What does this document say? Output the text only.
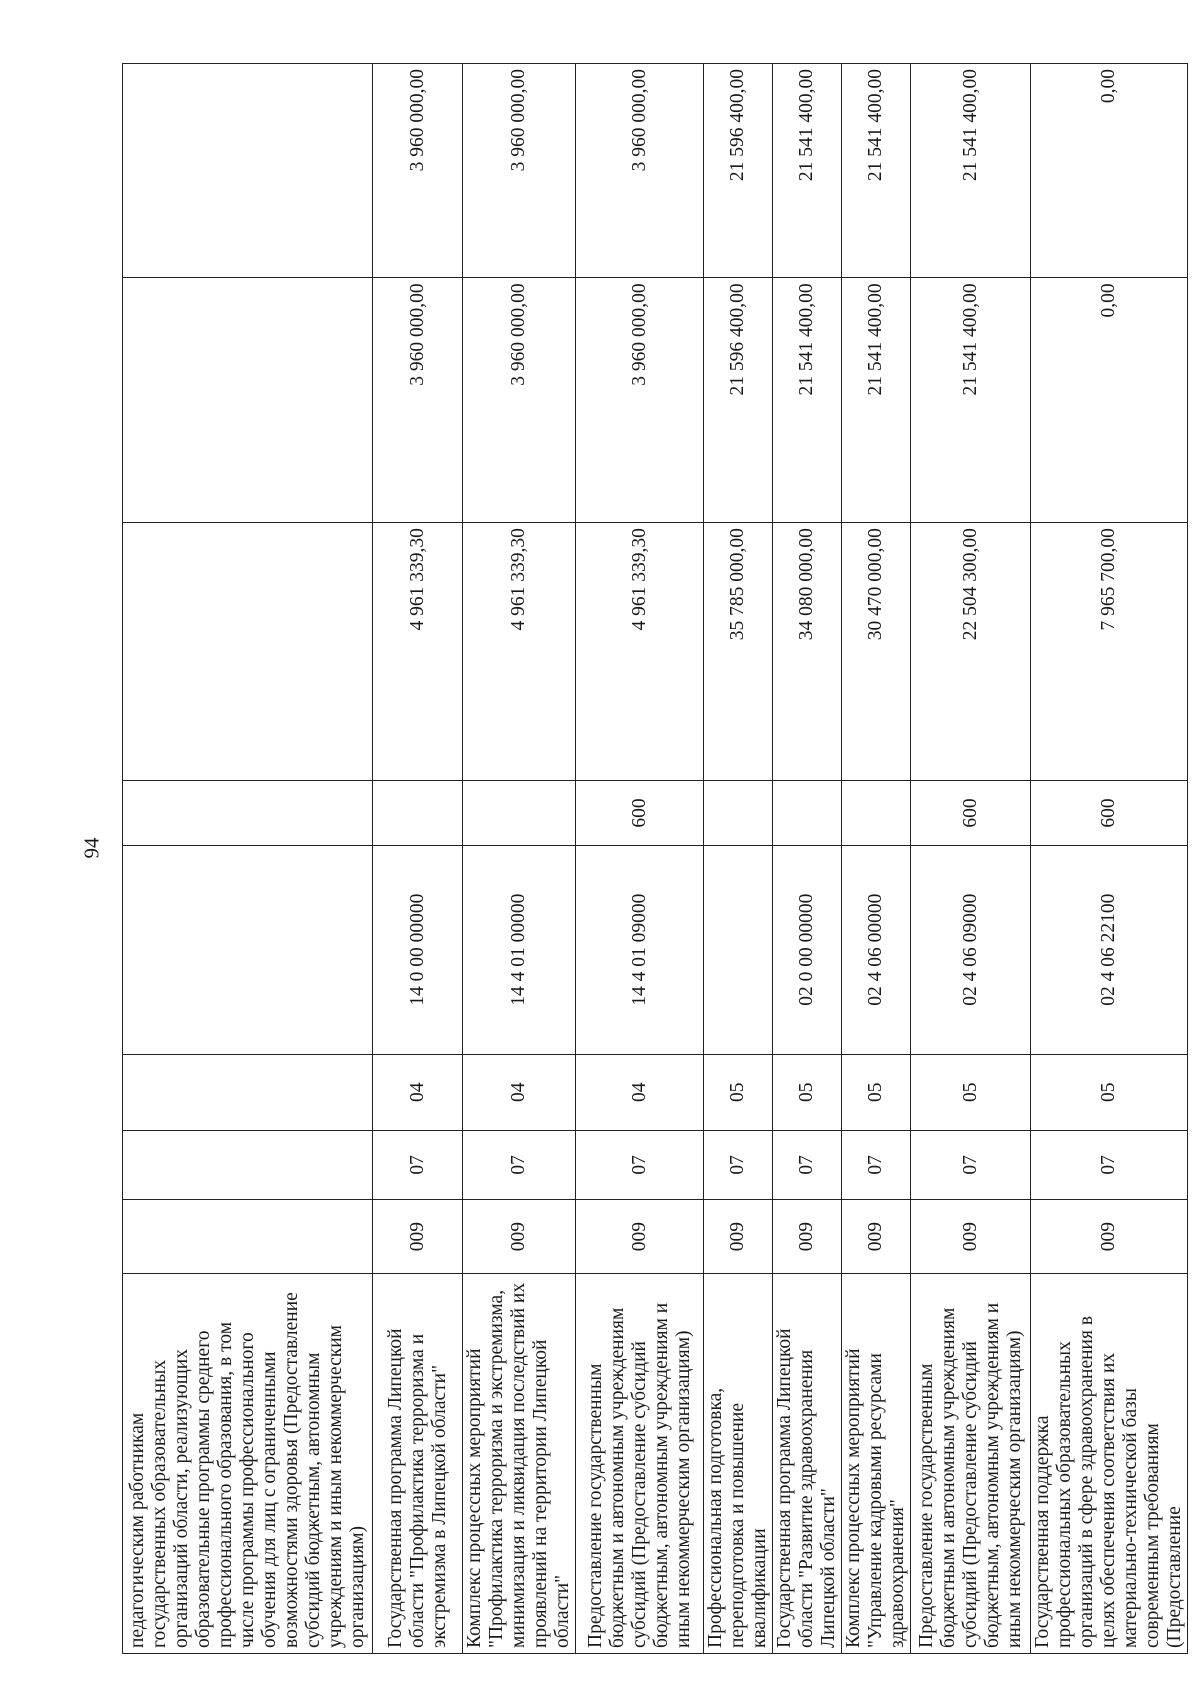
94
педагогическим работникам государственных образовательных организаций области, реализующих образовательные программы среднего профессионального образования, в том числе программы профессионального обучения для лиц с ограниченными возможностями здоровья (Предоставление субсидий бюджетным, автономным учреждениям и иным некоммерческим организациям)								
Государственная программа Липецкой области "Профилактика терроризма и экстремизма в Липецкой области"	009	07	04	14 0 00 00000		4 961 339,30	3 960 000,00	3 960 000,00
Комплекс процессных мероприятий "Профилактика терроризма и экстремизма, минимизация и ликвидация последствий их проявлений на территории Липецкой области"	009	07	04	14 4 01 00000		4 961 339,30	3 960 000,00	3 960 000,00
Предоставление государственным бюджетным и автономным учреждениям субсидий (Предоставление субсидий бюджетным, автономным учреждениям и иным некоммерческим организациям)	009	07	04	14 4 01 09000	600	4 961 339,30	3 960 000,00	3 960 000,00
Профессиональная подготовка, переподготовка и повышение квалификации	009	07	05			35 785 000,00	21 596 400,00	21 596 400,00
Государственная программа Липецкой области "Развитие здравоохранения Липецкой области"	009	07	05	02 0 00 00000		34 080 000,00	21 541 400,00	21 541 400,00
Комплекс процессных мероприятий "Управление кадровыми ресурсами здравоохранения"	009	07	05	02 4 06 00000		30 470 000,00	21 541 400,00	21 541 400,00
Предоставление государственным бюджетным и автономным учреждениям субсидий (Предоставление субсидий бюджетным, автономным учреждениям и иным некоммерческим организациям)	009	07	05	02 4 06 09000	600	22 504 300,00	21 541 400,00	21 541 400,00
Государственная поддержка профессиональных образовательных организаций в сфере здравоохранения в целях обеспечения соответствия их материально-технической базы современным требованиям (Предоставление	009	07	05	02 4 06 22100	600	7 965 700,00	0,00	0,00
